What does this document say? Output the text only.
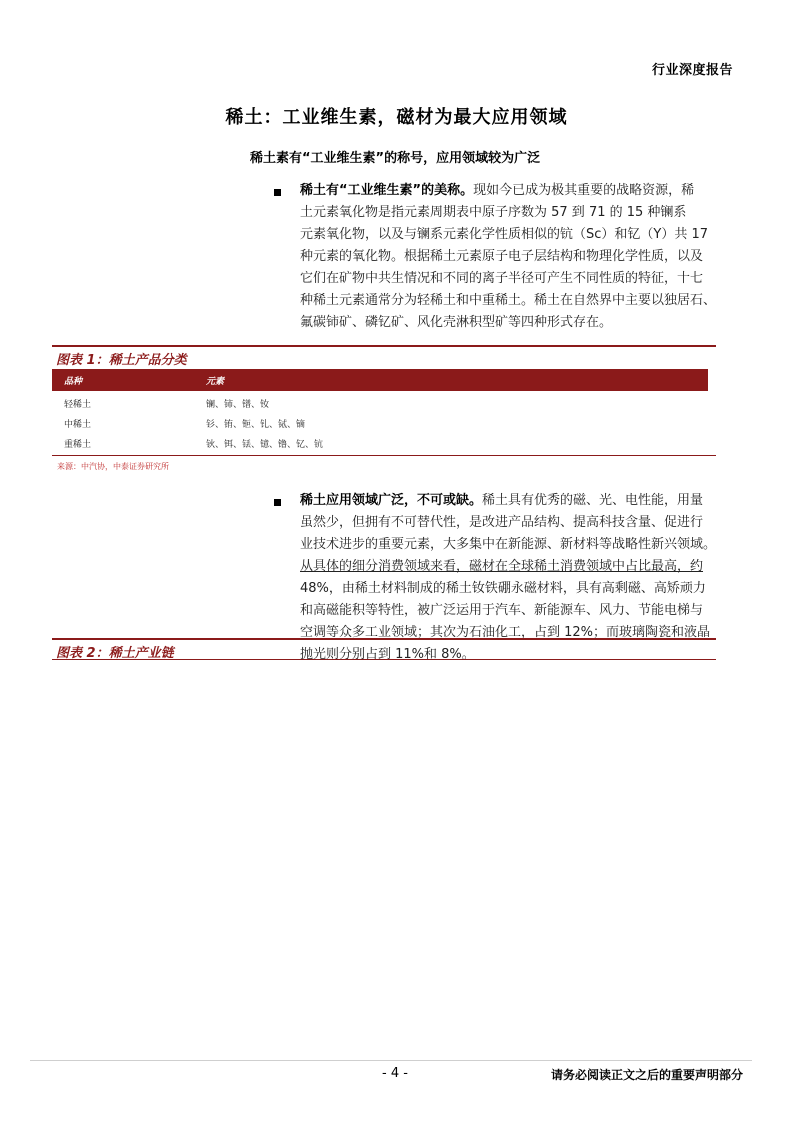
行业深度报告
稀土：工业维生素，磁材为最大应用领域
稀土素有“工业维生素”的称号，应用领域较为广泛
稀土有“工业维生素”的美称。现如今已成为极其重要的战略资源，稀
土元素氧化物是指元素周期表中原子序数为 57 到 71 的 15 种镧系
元素氧化物，以及与镧系元素化学性质相似的钪（Sc）和钇（Y）共 17
种元素的氧化物。根据稀土元素原子电子层结构和物理化学性质，以及
它们在矿物中共生情况和不同的离子半径可产生不同性质的特征，十七
种稀土元素通常分为轻稀土和中重稀土。稀土在自然界中主要以独居石、
氟碳铈矿、磷钇矿、风化壳淋积型矿等四种形式存在。
图表 1：稀土产品分类
品种	元素
轻稀土	镧、铈、镨、钕
中稀土	钐、铕、钷、钆、铽、镝
重稀土	钬、铒、铥、镱、镥、钇、钪
来源：中汽协，中泰证券研究所
稀土应用领域广泛，不可或缺。稀土具有优秀的磁、光、电性能，用量
虽然少，但拥有不可替代性，是改进产品结构、提高科技含量、促进行
业技术进步的重要元素，大多集中在新能源、新材料等战略性新兴领域。
从具体的细分消费领域来看，磁材在全球稀土消费领域中占比最高，约
48%，由稀土材料制成的稀土钕铁硼永磁材料，具有高剩磁、高矫顽力
和高磁能积等特性，被广泛运用于汽车、新能源车、风力、节能电梯与
空调等众多工业领域；其次为石油化工，占到 12%；而玻璃陶瓷和液晶
抛光则分别占到 11%和 8%。
图表 2：稀土产业链
- 4 -	请务必阅读正文之后的重要声明部分
